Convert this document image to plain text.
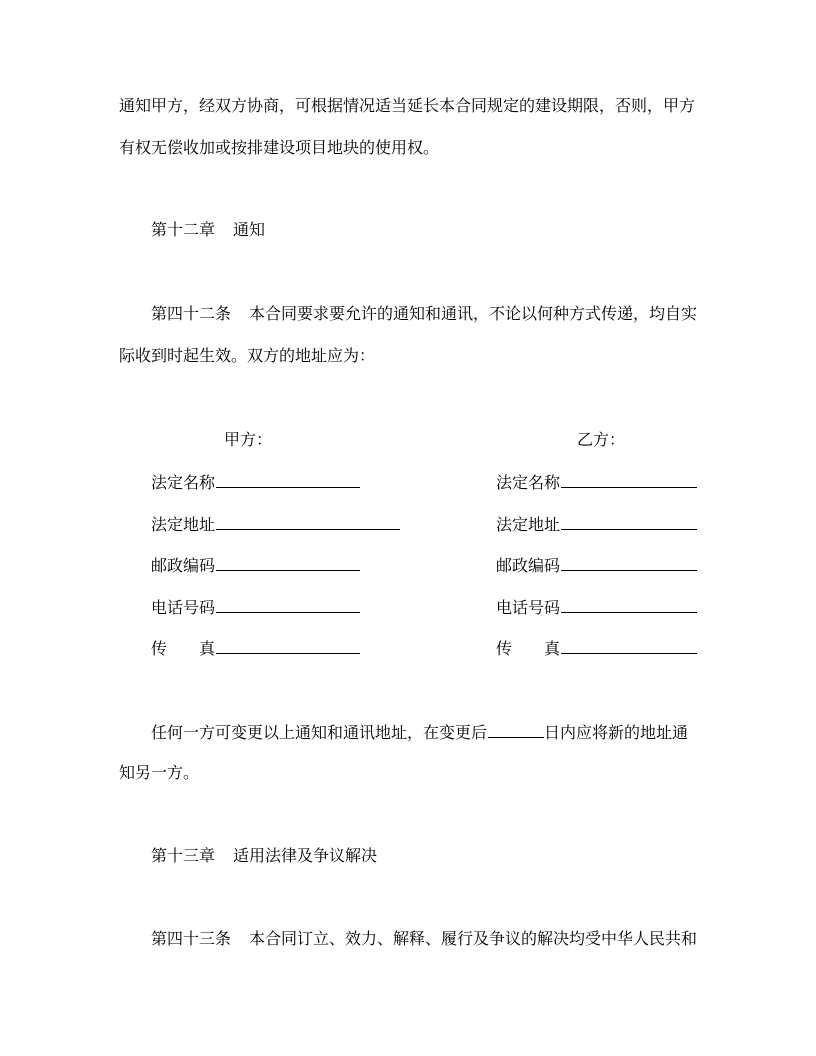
通知甲方，经双方协商，可根据情况适当延长本合同规定的建设期限，否则，甲方
有权无偿收加或按排建设项目地块的使用权。
第十二章 通知
第四十二条 本合同要求要允许的通知和通讯，不论以何种方式传递，均自实
际收到时起生效。双方的地址应为：
甲方：	乙方：
法定名称
法定地址
邮政编码
电话号码
传 真
法定名称
法定地址
邮政编码
电话号码
传 真
任何一方可变更以上通知和通讯地址，在变更后	日内应将新的地址通
知另一方。
第十三章 适用法律及争议解决
第四十三条 本合同订立、效力、解释、履行及争议的解决均受中华人民共和
